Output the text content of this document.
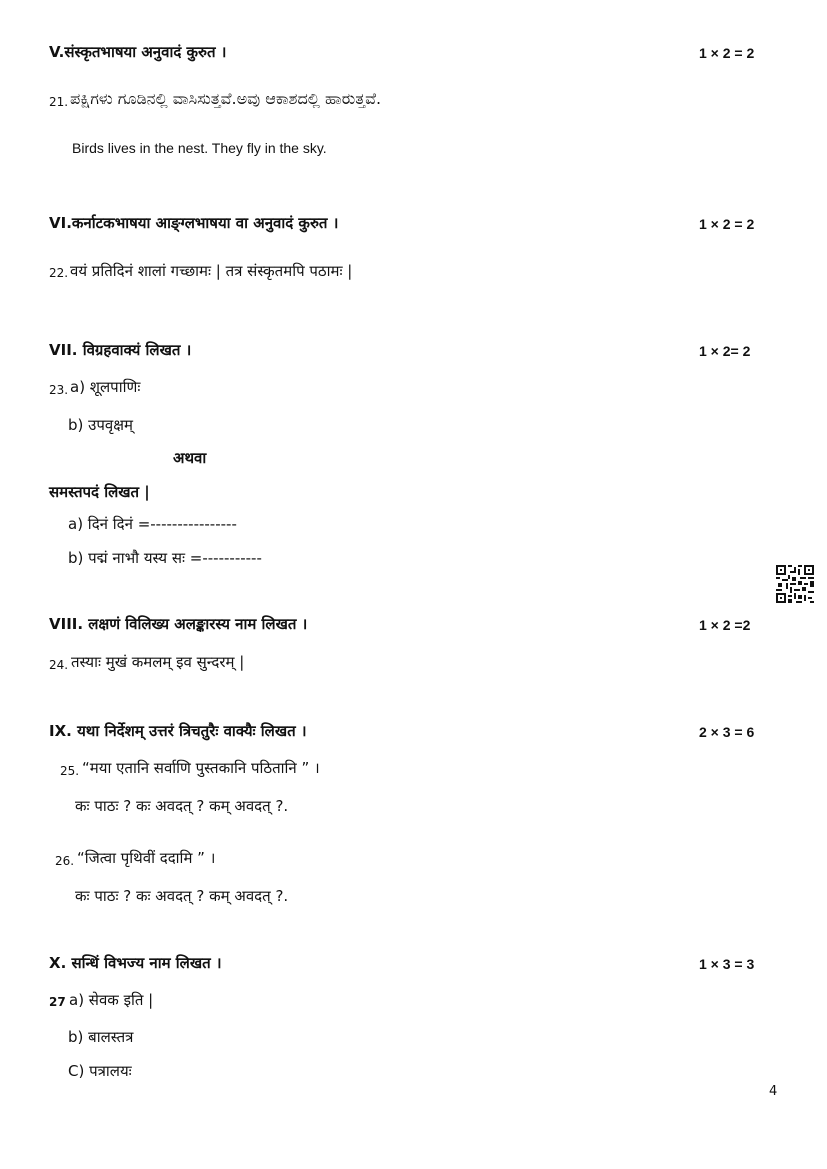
V.संस्कृतभाषया अनुवादं कुरुत ।	1 × 2 = 2
21. ಪಕ್ಷಿಗಳು ಗೂಡಿನಲ್ಲಿ ವಾಸಿಸುತ್ತವೆ.ಅವು ಆಕಾಶದಲ್ಲಿ ಹಾರುತ್ತವೆ.
Birds lives in the nest. They fly in the sky.
VI.कर्नाटकभाषया आङ्ग्लभाषया वा अनुवादं कुरुत ।	1 × 2 = 2
22. वयं प्रतिदिनं शालां गच्छामः | तत्र संस्कृतमपि पठामः |
VII. विग्रहवाक्यं लिखत ।	1 × 2= 2
23. a) शूलपाणिः
b) उपवृक्षम्
अथवा
समस्तपदं लिखत |
a) दिनं दिनं =----------------
b) पद्मं नाभौ यस्य सः =-----------
VIII. लक्षणं विलिख्य अलङ्कारस्य नाम लिखत ।	1 × 2 =2
24. तस्याः मुखं कमलम् इव सुन्दरम् |
IX. यथा निर्देशम् उत्तरं त्रिचतुरैः वाक्यैः लिखत ।	2 × 3 = 6
25. “मया एतानि सर्वाणि पुस्तकानि पठितानि ” ।
कः पाठः ? कः अवदत् ? कम् अवदत् ?.
26. “जित्वा पृथिवीं ददामि ” ।
कः पाठः ? कः अवदत् ? कम् अवदत् ?.
X. सन्धिं विभज्य नाम लिखत ।	1 × 3 = 3
27 a) सेवक इति |
b) बालस्तत्र
C) पत्रालयः
4
